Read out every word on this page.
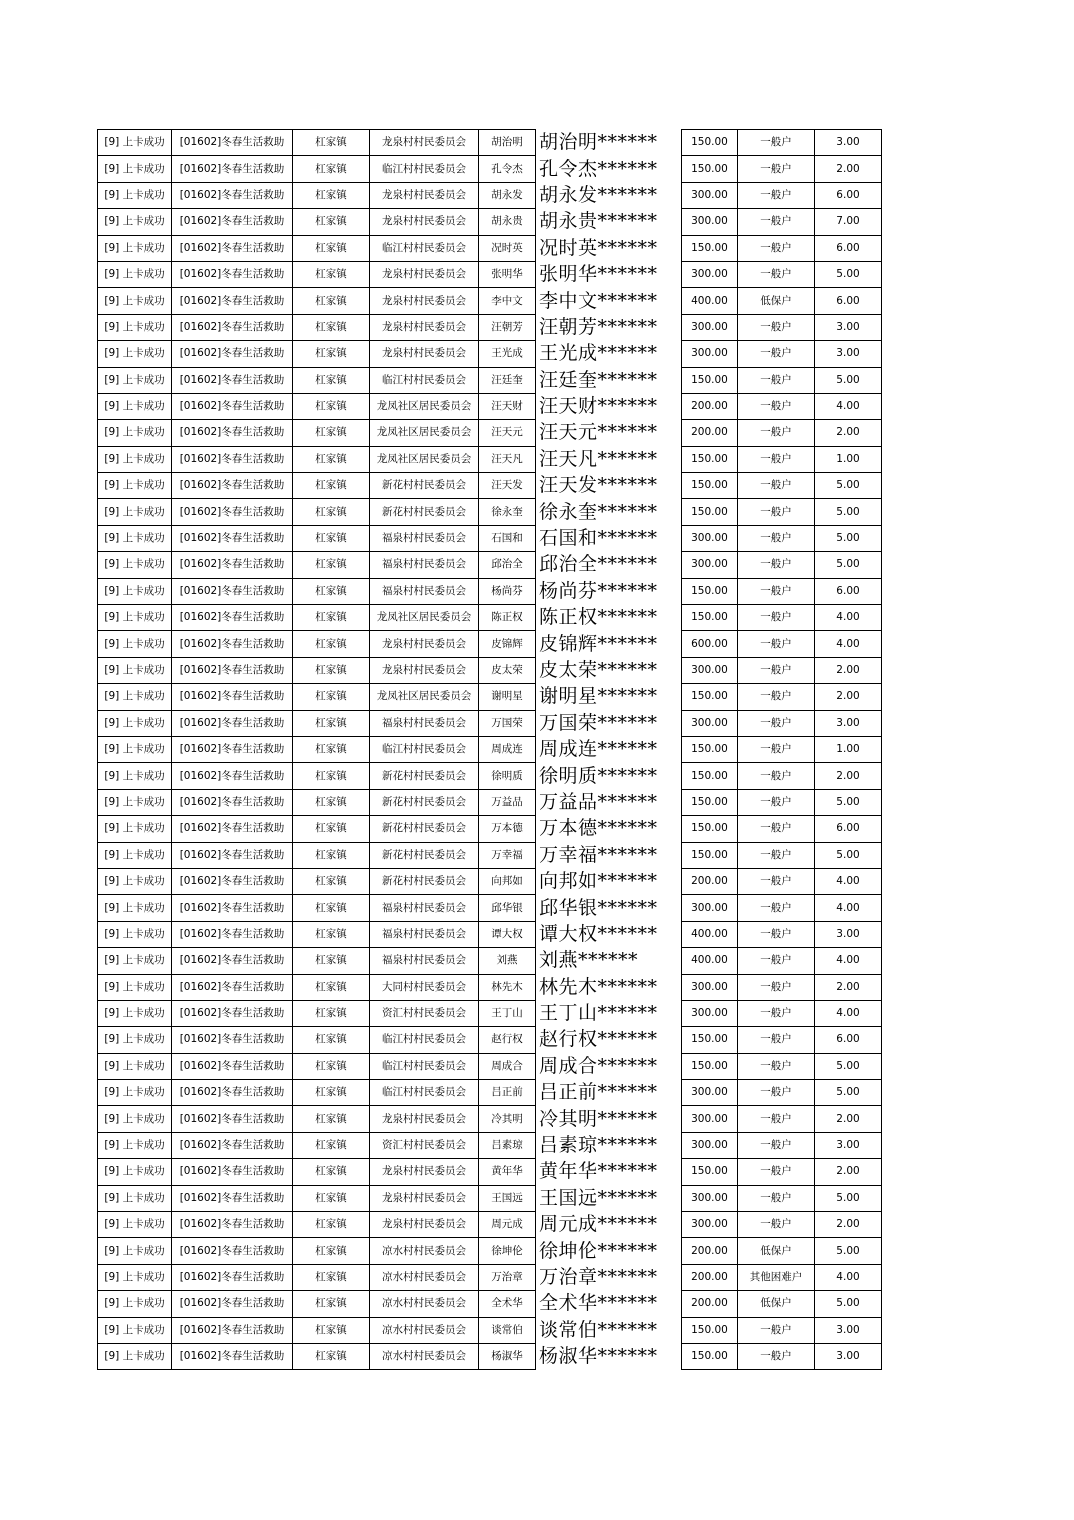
[9] 上卡成功	[01602]冬春生活救助	杠家镇	龙泉村村民委员会	胡治明	胡治明******	150.00	一般户	3.00
[9] 上卡成功	[01602]冬春生活救助	杠家镇	临江村村民委员会	孔令杰	孔令杰******	150.00	一般户	2.00
[9] 上卡成功	[01602]冬春生活救助	杠家镇	龙泉村村民委员会	胡永发	胡永发******	300.00	一般户	6.00
[9] 上卡成功	[01602]冬春生活救助	杠家镇	龙泉村村民委员会	胡永贵	胡永贵******	300.00	一般户	7.00
[9] 上卡成功	[01602]冬春生活救助	杠家镇	临江村村民委员会	况时英	况时英******	150.00	一般户	6.00
[9] 上卡成功	[01602]冬春生活救助	杠家镇	龙泉村村民委员会	张明华	张明华******	300.00	一般户	5.00
[9] 上卡成功	[01602]冬春生活救助	杠家镇	龙泉村村民委员会	李中文	李中文******	400.00	低保户	6.00
[9] 上卡成功	[01602]冬春生活救助	杠家镇	龙泉村村民委员会	汪朝芳	汪朝芳******	300.00	一般户	3.00
[9] 上卡成功	[01602]冬春生活救助	杠家镇	龙泉村村民委员会	王光成	王光成******	300.00	一般户	3.00
[9] 上卡成功	[01602]冬春生活救助	杠家镇	临江村村民委员会	汪廷奎	汪廷奎******	150.00	一般户	5.00
[9] 上卡成功	[01602]冬春生活救助	杠家镇	龙凤社区居民委员会	汪天财	汪天财******	200.00	一般户	4.00
[9] 上卡成功	[01602]冬春生活救助	杠家镇	龙凤社区居民委员会	汪天元	汪天元******	200.00	一般户	2.00
[9] 上卡成功	[01602]冬春生活救助	杠家镇	龙凤社区居民委员会	汪天凡	汪天凡******	150.00	一般户	1.00
[9] 上卡成功	[01602]冬春生活救助	杠家镇	新花村村民委员会	汪天发	汪天发******	150.00	一般户	5.00
[9] 上卡成功	[01602]冬春生活救助	杠家镇	新花村村民委员会	徐永奎	徐永奎******	150.00	一般户	5.00
[9] 上卡成功	[01602]冬春生活救助	杠家镇	福泉村村民委员会	石国和	石国和******	300.00	一般户	5.00
[9] 上卡成功	[01602]冬春生活救助	杠家镇	福泉村村民委员会	邱治全	邱治全******	300.00	一般户	5.00
[9] 上卡成功	[01602]冬春生活救助	杠家镇	福泉村村民委员会	杨尚芬	杨尚芬******	150.00	一般户	6.00
[9] 上卡成功	[01602]冬春生活救助	杠家镇	龙凤社区居民委员会	陈正权	陈正权******	150.00	一般户	4.00
[9] 上卡成功	[01602]冬春生活救助	杠家镇	龙泉村村民委员会	皮锦辉	皮锦辉******	600.00	一般户	4.00
[9] 上卡成功	[01602]冬春生活救助	杠家镇	龙泉村村民委员会	皮太荣	皮太荣******	300.00	一般户	2.00
[9] 上卡成功	[01602]冬春生活救助	杠家镇	龙凤社区居民委员会	谢明星	谢明星******	150.00	一般户	2.00
[9] 上卡成功	[01602]冬春生活救助	杠家镇	福泉村村民委员会	万国荣	万国荣******	300.00	一般户	3.00
[9] 上卡成功	[01602]冬春生活救助	杠家镇	临江村村民委员会	周成连	周成连******	150.00	一般户	1.00
[9] 上卡成功	[01602]冬春生活救助	杠家镇	新花村村民委员会	徐明质	徐明质******	150.00	一般户	2.00
[9] 上卡成功	[01602]冬春生活救助	杠家镇	新花村村民委员会	万益品	万益品******	150.00	一般户	5.00
[9] 上卡成功	[01602]冬春生活救助	杠家镇	新花村村民委员会	万本德	万本德******	150.00	一般户	6.00
[9] 上卡成功	[01602]冬春生活救助	杠家镇	新花村村民委员会	万幸福	万幸福******	150.00	一般户	5.00
[9] 上卡成功	[01602]冬春生活救助	杠家镇	新花村村民委员会	向邦如	向邦如******	200.00	一般户	4.00
[9] 上卡成功	[01602]冬春生活救助	杠家镇	福泉村村民委员会	邱华银	邱华银******	300.00	一般户	4.00
[9] 上卡成功	[01602]冬春生活救助	杠家镇	福泉村村民委员会	谭大权	谭大权******	400.00	一般户	3.00
[9] 上卡成功	[01602]冬春生活救助	杠家镇	福泉村村民委员会	刘燕	刘燕******	400.00	一般户	4.00
[9] 上卡成功	[01602]冬春生活救助	杠家镇	大同村村民委员会	林先木	林先木******	300.00	一般户	2.00
[9] 上卡成功	[01602]冬春生活救助	杠家镇	资汇村村民委员会	王丁山	王丁山******	300.00	一般户	4.00
[9] 上卡成功	[01602]冬春生活救助	杠家镇	临江村村民委员会	赵行权	赵行权******	150.00	一般户	6.00
[9] 上卡成功	[01602]冬春生活救助	杠家镇	临江村村民委员会	周成合	周成合******	150.00	一般户	5.00
[9] 上卡成功	[01602]冬春生活救助	杠家镇	临江村村民委员会	吕正前	吕正前******	300.00	一般户	5.00
[9] 上卡成功	[01602]冬春生活救助	杠家镇	龙泉村村民委员会	冷其明	冷其明******	300.00	一般户	2.00
[9] 上卡成功	[01602]冬春生活救助	杠家镇	资汇村村民委员会	吕素琼	吕素琼******	300.00	一般户	3.00
[9] 上卡成功	[01602]冬春生活救助	杠家镇	龙泉村村民委员会	黄年华	黄年华******	150.00	一般户	2.00
[9] 上卡成功	[01602]冬春生活救助	杠家镇	龙泉村村民委员会	王国远	王国远******	300.00	一般户	5.00
[9] 上卡成功	[01602]冬春生活救助	杠家镇	龙泉村村民委员会	周元成	周元成******	300.00	一般户	2.00
[9] 上卡成功	[01602]冬春生活救助	杠家镇	凉水村村民委员会	徐坤伦	徐坤伦******	200.00	低保户	5.00
[9] 上卡成功	[01602]冬春生活救助	杠家镇	凉水村村民委员会	万治章	万治章******	200.00	其他困难户	4.00
[9] 上卡成功	[01602]冬春生活救助	杠家镇	凉水村村民委员会	全术华	全术华******	200.00	低保户	5.00
[9] 上卡成功	[01602]冬春生活救助	杠家镇	凉水村村民委员会	谈常伯	谈常伯******	150.00	一般户	3.00
[9] 上卡成功	[01602]冬春生活救助	杠家镇	凉水村村民委员会	杨淑华	杨淑华******	150.00	一般户	3.00
